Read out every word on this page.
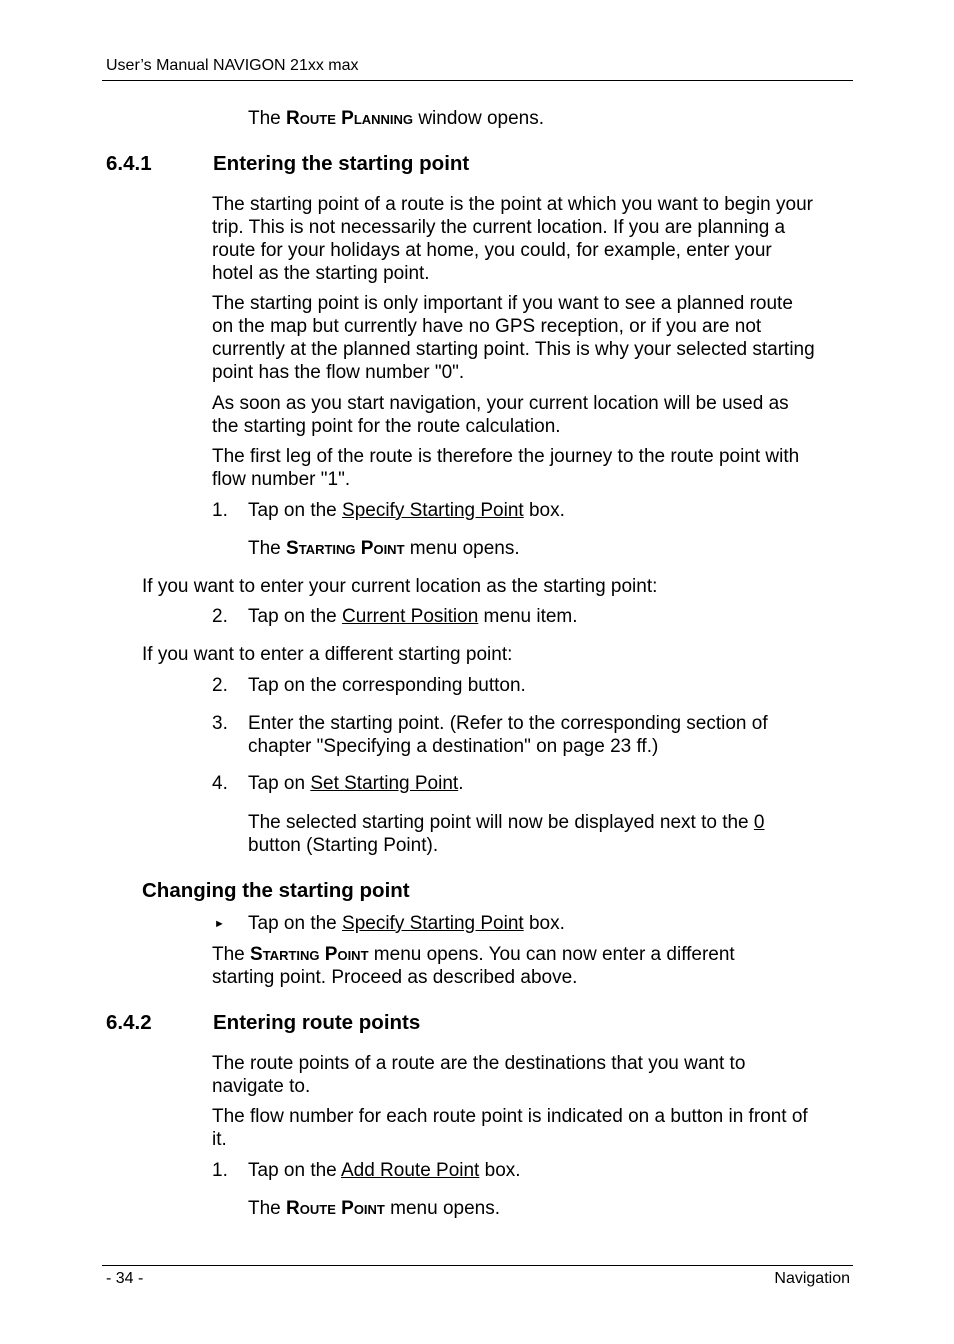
User’s Manual NAVIGON 21xx max
The Route Planning window opens.
6.4.1	Entering the starting point
The starting point of a route is the point at which you want to begin your
trip. This is not necessarily the current location. If you are planning a
route for your holidays at home, you could, for example, enter your
hotel as the starting point.
The starting point is only important if you want to see a planned route
on the map but currently have no GPS reception, or if you are not
currently at the planned starting point. This is why your selected starting
point has the flow number "0".
As soon as you start navigation, your current location will be used as
the starting point for the route calculation.
The first leg of the route is therefore the journey to the route point with
flow number "1".
1. Tap on the Specify Starting Point box.
The Starting Point menu opens.
If you want to enter your current location as the starting point:
2. Tap on the Current Position menu item.
If you want to enter a different starting point:
2. Tap on the corresponding button.
3. Enter the starting point. (Refer to the corresponding section of
chapter "Specifying a destination" on page 23 ff.)
4. Tap on Set Starting Point.
The selected starting point will now be displayed next to the 0
button (Starting Point).
Changing the starting point
► Tap on the Specify Starting Point box.
The Starting Point menu opens. You can now enter a different
starting point. Proceed as described above.
6.4.2	Entering route points
The route points of a route are the destinations that you want to
navigate to.
The flow number for each route point is indicated on a button in front of
it.
1. Tap on the Add Route Point box.
The Route Point menu opens.
- 34 -	Navigation
